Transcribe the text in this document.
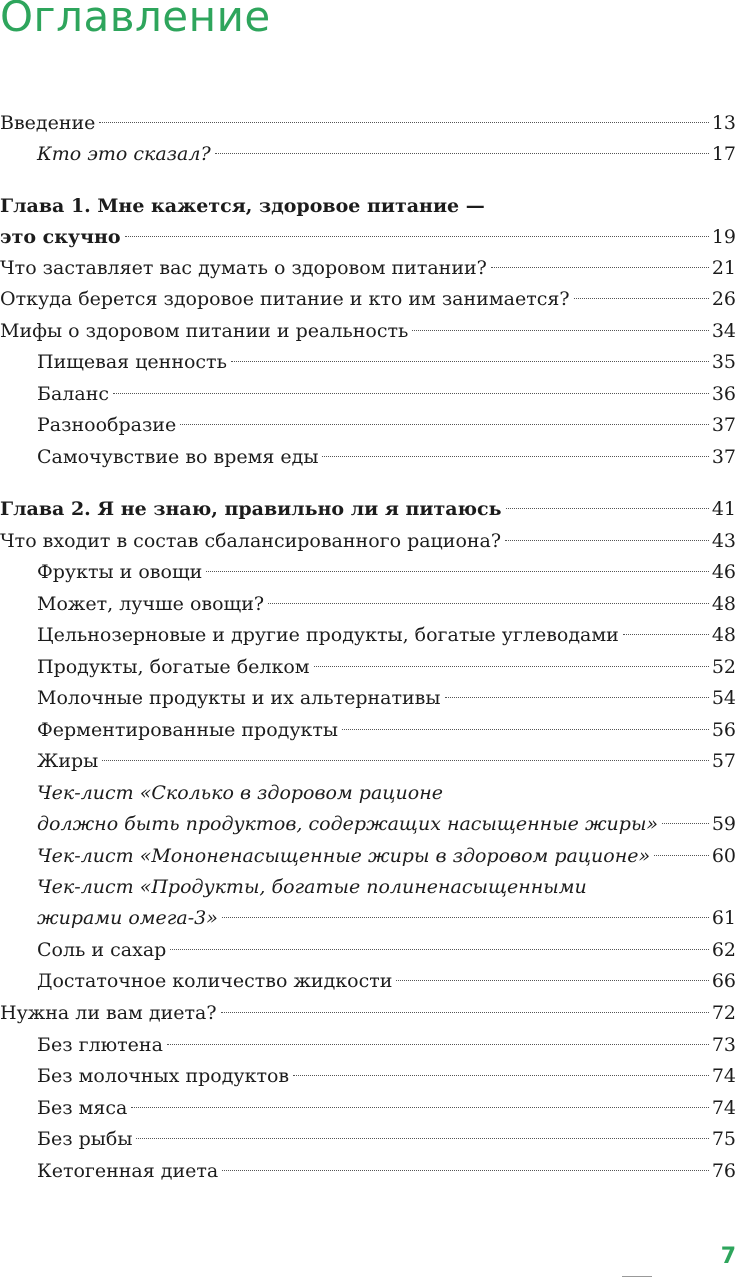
Оглавление
Введение	13
Кто это сказал?	17
Глава 1. Мне кажется, здоровое питание —
это скучно	19
Что заставляет вас думать о здоровом питании?	21
Откуда берется здоровое питание и кто им занимается?	26
Мифы о здоровом питании и реальность	34
Пищевая ценность	35
Баланс	36
Разнообразие	37
Самочувствие во время еды	37
Глава 2. Я не знаю, правильно ли я питаюсь	41
Что входит в состав сбалансированного рациона?	43
Фрукты и овощи	46
Может, лучше овощи?	48
Цельнозерновые и другие продукты, богатые углеводами	48
Продукты, богатые белком	52
Молочные продукты и их альтернативы	54
Ферментированные продукты	56
Жиры	57
Чек-лист «Сколько в здоровом рационе
должно быть продуктов, содержащих насыщенные жиры»	59
Чек-лист «Мононенасыщенные жиры в здоровом рационе»	60
Чек-лист «Продукты, богатые полиненасыщенными
жирами омега-3»	61
Соль и сахар	62
Достаточное количество жидкости	66
Нужна ли вам диета?	72
Без глютена	73
Без молочных продуктов	74
Без мяса	74
Без рыбы	75
Кетогенная диета	76
7
